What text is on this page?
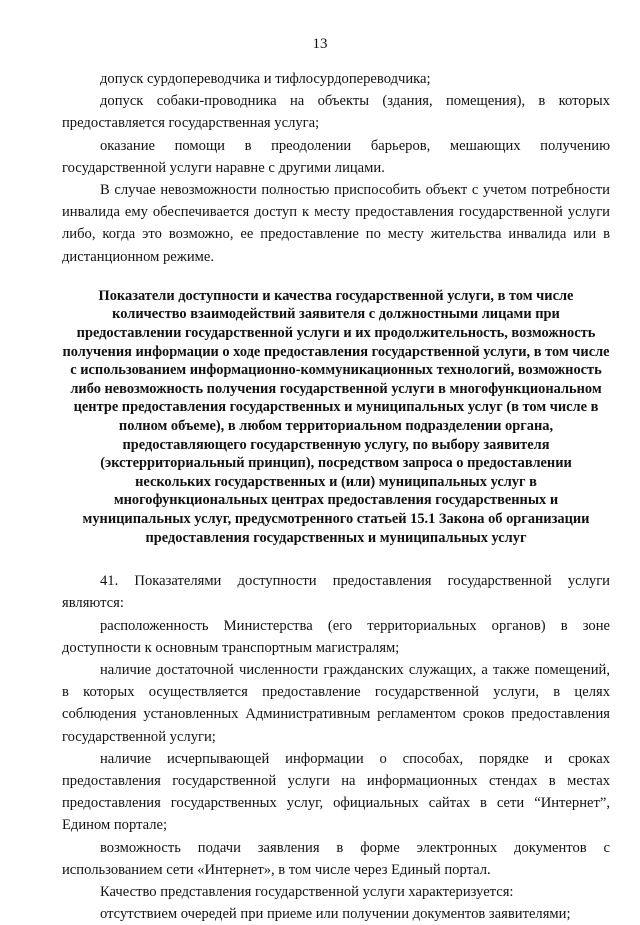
13

допуск сурдопереводчика и тифлосурдопереводчика;

допуск собаки-проводника на объекты (здания, помещения), в которых предоставляется государственная услуга;

оказание помощи в преодолении барьеров, мешающих получению государственной услуги наравне с другими лицами.

В случае невозможности полностью приспособить объект с учетом потребности инвалида ему обеспечивается доступ к месту предоставления государственной услуги либо, когда это возможно, ее предоставление по месту жительства инвалида или в дистанционном режиме.

Показатели доступности и качества государственной услуги, в том числе количество взаимодействий заявителя с должностными лицами при предоставлении государственной услуги и их продолжительность, возможность получения информации о ходе предоставления государственной услуги, в том числе с использованием информационно-коммуникационных технологий, возможность либо невозможность получения государственной услуги в многофункциональном центре предоставления государственных и муниципальных услуг (в том числе в полном объеме), в любом территориальном подразделении органа, предоставляющего государственную услугу, по выбору заявителя (экстерриториальный принцип), посредством запроса о предоставлении нескольких государственных и (или) муниципальных услуг в многофункциональных центрах предоставления государственных и муниципальных услуг, предусмотренного статьей 15.1 Закона об организации предоставления государственных и муниципальных услуг

41. Показателями доступности предоставления государственной услуги являются:

расположенность Министерства (его территориальных органов) в зоне доступности к основным транспортным магистралям;

наличие достаточной численности гражданских служащих, а также помещений, в которых осуществляется предоставление государственной услуги, в целях соблюдения установленных Административным регламентом сроков предоставления государственной услуги;

наличие исчерпывающей информации о способах, порядке и сроках предоставления государственной услуги на информационных стендах в местах предоставления государственных услуг, официальных сайтах в сети “Интернет”, Едином портале;

возможность подачи заявления в форме электронных документов с использованием сети «Интернет», в том числе через Единый портал.

Качество представления государственной услуги характеризуется:

отсутствием очередей при приеме или получении документов заявителями;
